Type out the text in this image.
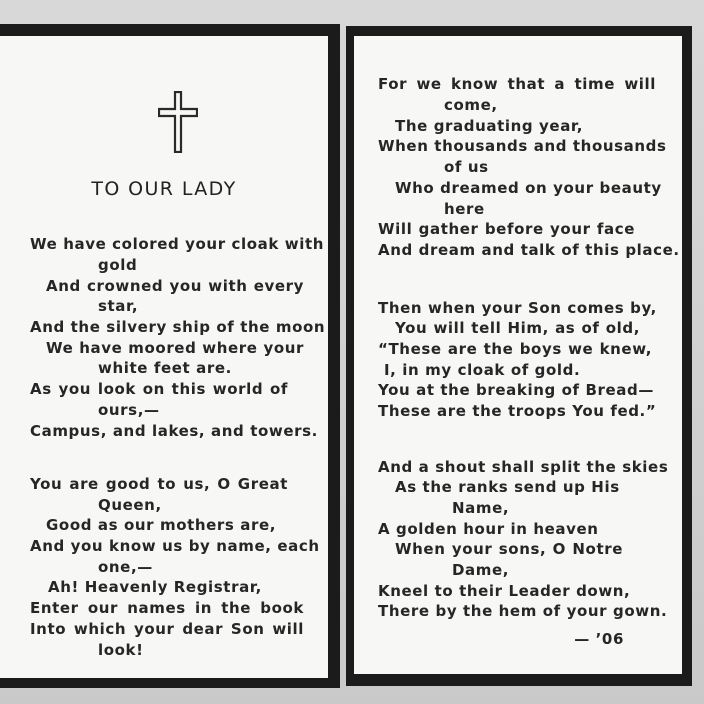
TO OUR LADY
We have colored your cloak with
gold
And crowned you with every
star,
And the silvery ship of the moon
We have moored where your
white feet are.
As you look on this world of
ours,—
Campus, and lakes, and towers.
You are good to us, O Great
Queen,
Good as our mothers are,
And you know us by name, each
one,—
Ah! Heavenly Registrar,
Enter our names in the book
Into which your dear Son will
look!
For we know that a time will
come,
The graduating year,
When thousands and thousands
of us
Who dreamed on your beauty
here
Will gather before your face
And dream and talk of this place.
Then when your Son comes by,
You will tell Him, as of old,
“These are the boys we knew,
I, in my cloak of gold.
You at the breaking of Bread—
These are the troops You fed.”
And a shout shall split the skies
As the ranks send up His
Name,
A golden hour in heaven
When your sons, O Notre
Dame,
Kneel to their Leader down,
There by the hem of your gown.
— ’06
